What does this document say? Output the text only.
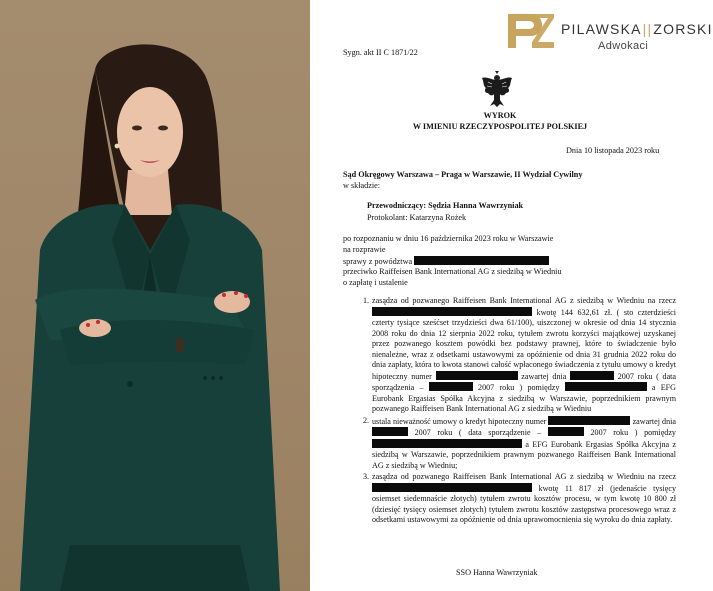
PILAWSKA||ZORSKI
Adwokaci
Sygn. akt II C 1871/22
WYROK
W IMIENIU RZECZYPOSPOLITEJ POLSKIEJ
Dnia 10 listopada 2023 roku
Sąd Okręgowy Warszawa – Praga w Warszawie, II Wydział Cywilny
w składzie:
Przewodniczący: Sędzia Hanna Wawrzyniak
Protokolant: Katarzyna Rożek
po rozpoznaniu w dniu 16 października 2023 roku w Warszawie
na rozprawie
sprawy z powództwa
przeciwko Raiffeisen Bank International AG z siedzibą w Wiedniu
o zapłatę i ustalenie
1. zasądza od pozwanego Raiffeisen Bank International AG z siedzibą w Wiedniu na rzecz  kwotę 144 632,61 zł. ( sto czterdzieści czterty tysiące sześćset trzydzieści dwa 61/100), uiszczonej w okresie od dnia 14 stycznia 2008 roku do dnia 12 sierpnia 2022 roku, tytułem zwrotu korzyści majątkowej uzyskanej przez pozwanego kosztem powódki bez podstawy prawnej, które to świadczenie było nienależne, wraz z odsetkami ustawowymi za opóźnienie od dnia 31 grudnia 2022 roku do dnia zapłaty, która to kwota stanowi całość wpłaconego świadczenia z tytułu umowy o kredyt hipoteczny numer	zawartej dnia	2007 roku ( data sporządzenia –	2007 roku ) pomiędzy	a EFG Eurobank Ergasias Spółka Akcyjna z siedzibą w Warszawie, poprzednikiem prawnym pozwanego Raiffeisen Bank International AG z siedzibą w Wiedniu
2. ustala nieważność umowy o kredyt hipoteczny numer	zawartej dnia  2007 roku ( data sporządzenie –	2007 roku ) pomiędzy  a EFG Eurobank Ergasias Spółka Akcyjna z siedzibą w Warszawie, poprzednikiem prawnym pozwanego Raiffeisen Bank International AG z siedzibą w Wiedniu;
3. zasądza od pozwanego Raiffeisen Bank International AG z siedzibą w Wiedniu na rzecz  kwotę 11 817 zł (jedenaście tysięcy osiemset siedemnaście złotych) tytułem zwrotu kosztów procesu, w tym kwotę 10 800 zł (dziesięć tysięcy osiemset złotych) tytułem zwrotu kosztów zastępstwa procesowego wraz z odsetkami ustawowymi za opóźnienie od dnia uprawomocnienia się wyroku do dnia zapłaty.
SSO Hanna Wawrzyniak
